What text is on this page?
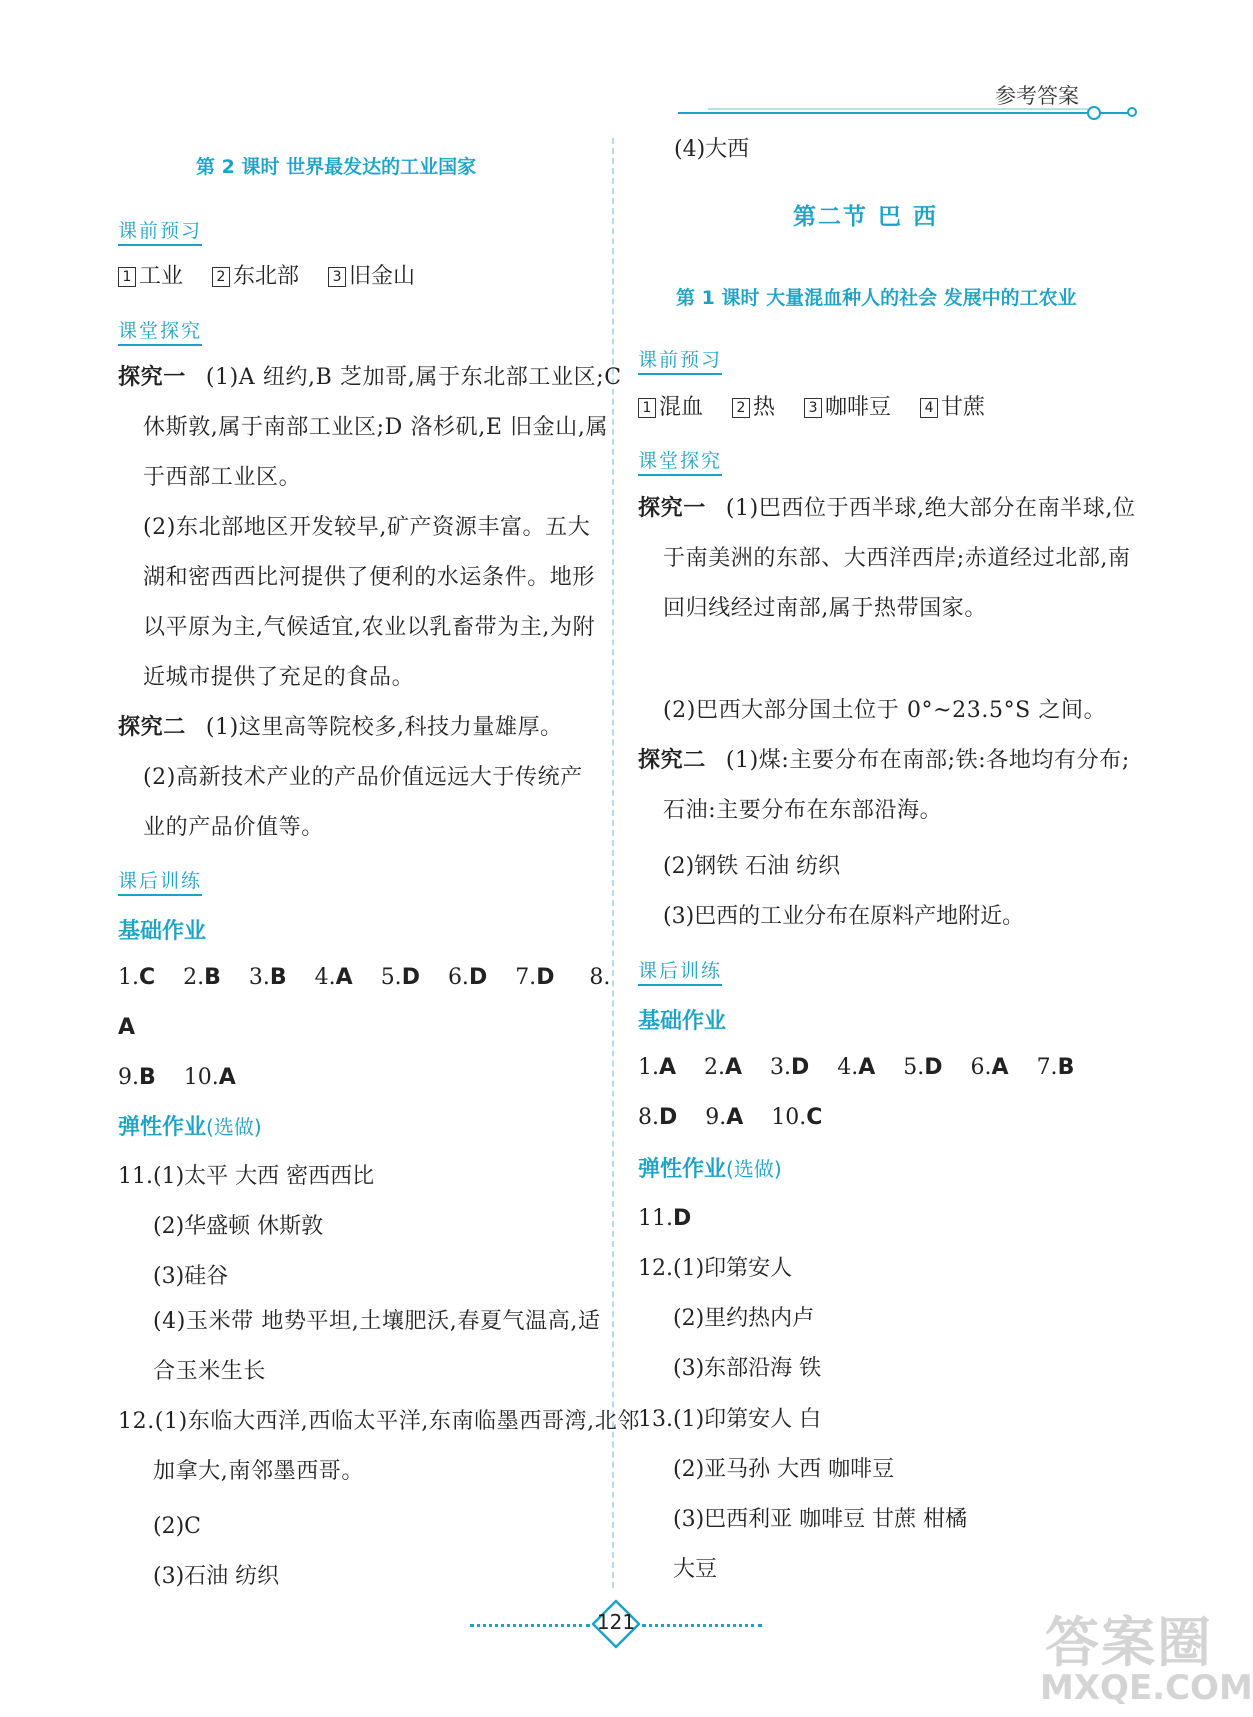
参考答案
第 2 课时 世界最发达的工业国家
课前预习
1 工业 2 东北部 3 旧金山
课堂探究
探究一 (1)A 纽约,B 芝加哥,属于东北部工业区;C 休斯敦,属于南部工业区;D 洛杉矶,E 旧金山,属于西部工业区。
(2)东北部地区开发较早,矿产资源丰富。五大湖和密西西比河提供了便利的水运条件。地形以平原为主,气候适宜,农业以乳畜带为主,为附近城市提供了充足的食品。
探究二 (1)这里高等院校多,科技力量雄厚。
(2)高新技术产业的产品价值远远大于传统产业的产品价值等。
课后训练
基础作业
1.C 2.B 3.B 4.A 5.D 6.D 7.D 8.
A
9.B 10.A
弹性作业(选做)
11.(1)太平 大西 密西西比
(2)华盛顿 休斯敦
(3)硅谷
(4)玉米带 地势平坦,土壤肥沃,春夏气温高,适合玉米生长
12.(1)东临大西洋,西临太平洋,东南临墨西哥湾,北邻加拿大,南邻墨西哥。
(2)C
(3)石油 纺织
(4)大西
第二节 巴 西
第 1 课时 大量混血种人的社会 发展中的工农业
课前预习
1 混血 2 热 3 咖啡豆 4 甘蔗
课堂探究
探究一 (1)巴西位于西半球,绝大部分在南半球,位于南美洲的东部、大西洋西岸;赤道经过北部,南回归线经过南部,属于热带国家。
(2)巴西大部分国土位于 0°~23.5°S 之间。
探究二 (1)煤:主要分布在南部;铁:各地均有分布;石油:主要分布在东部沿海。
(2)钢铁 石油 纺织
(3)巴西的工业分布在原料产地附近。
课后训练
基础作业
1.A 2.A 3.D 4.A 5.D 6.A 7.B
8.D 9.A 10.C
弹性作业(选做)
11.D
12.(1)印第安人
(2)里约热内卢
(3)东部沿海 铁
13.(1)印第安人 白
(2)亚马孙 大西 咖啡豆
(3)巴西利亚 咖啡豆 甘蔗 柑橘
大豆
121	答案圈
MXQE.COM
